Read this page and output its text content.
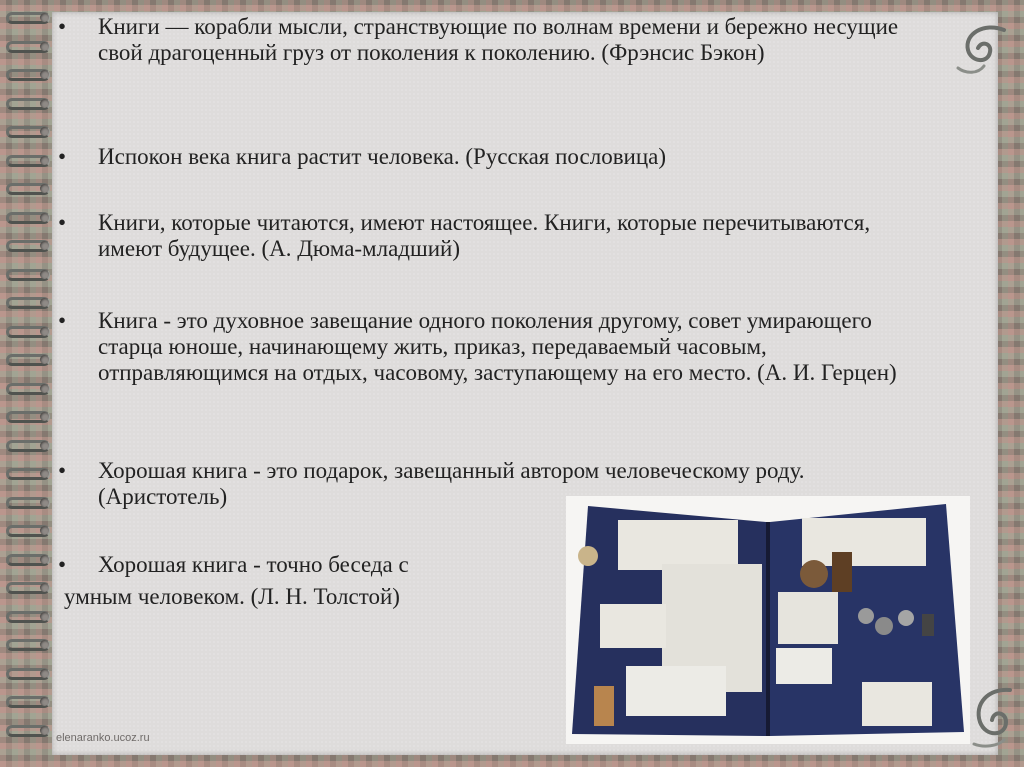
•	Книги — корабли мысли, странствующие по волнам времени и бережно несущие свой драгоценный груз от поколения к поколению. (Фрэнсис Бэкон)
•	Испокон века книга растит человека. (Русская пословица)
•	Книги, которые читаются, имеют настоящее. Книги, которые перечитываются, имеют будущее. (А. Дюма-младший)
•	Книга - это духовное завещание одного поколения другому, совет умирающего старца юноше, начинающему жить, приказ, передаваемый часовым, отправляющимся на отдых, часовому, заступающему на его место. (А. И. Герцен)
•	Хорошая книга - это подарок, завещанный автором человеческому роду. (Аристотель)
•	Хорошая книга - точно беседа с
умным человеком. (Л. Н. Толстой)
elenaranko.ucoz.ru
